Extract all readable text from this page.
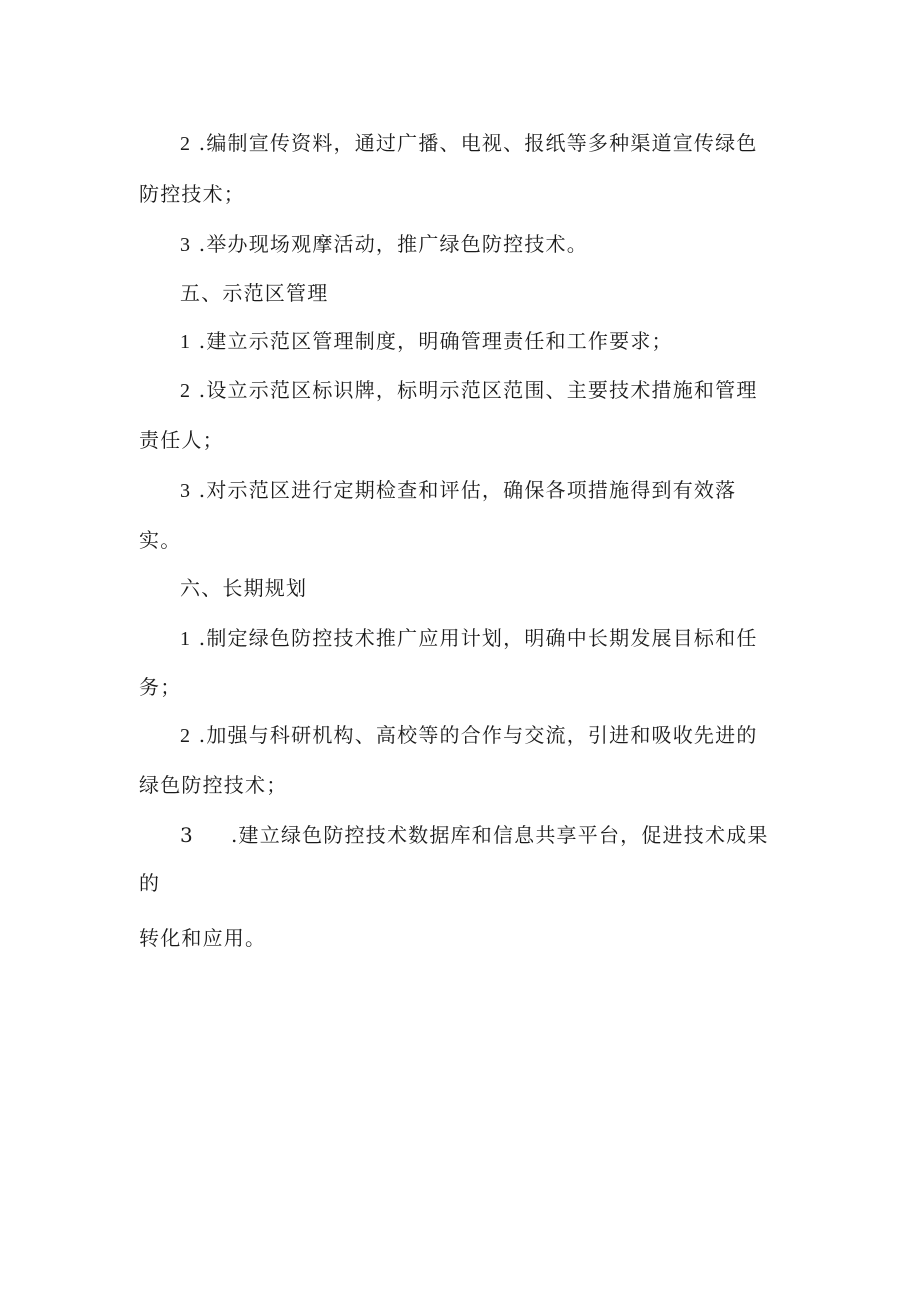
2 .编制宣传资料，通过广播、电视、报纸等多种渠道宣传绿色
防控技术；
3 .举办现场观摩活动，推广绿色防控技术。
五、示范区管理
1 .建立示范区管理制度，明确管理责任和工作要求；
2 .设立示范区标识牌，标明示范区范围、主要技术措施和管理
责任人；
3 .对示范区进行定期检查和评估，确保各项措施得到有效落
实。
六、长期规划
1 .制定绿色防控技术推广应用计划，明确中长期发展目标和任
务；
2 .加强与科研机构、高校等的合作与交流，引进和吸收先进的
绿色防控技术；
3 .建立绿色防控技术数据库和信息共享平台，促进技术成果
的
转化和应用。
